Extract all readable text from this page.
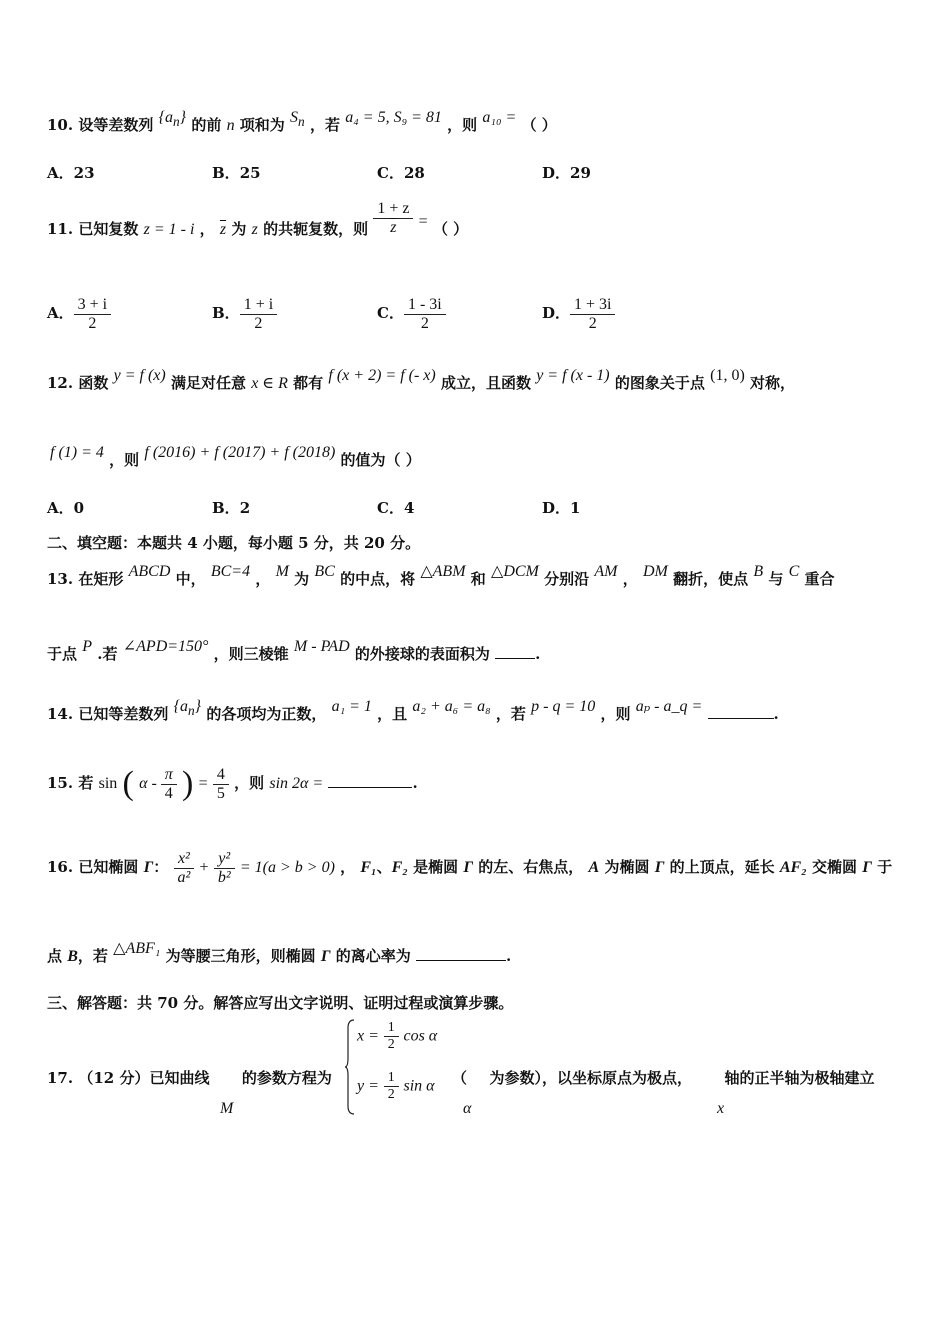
10. 设等差数列 $\{a_n\}$ 的前 n 项和为 $S_n$ ，若 a₄ = 5, S₉ = 81 ，则 a₁₀ = （ ）
A．23	B．25	C．28	D．29
11. 已知复数 z = 1 - i ， $\overline{z}$ 为 z 的共轭复数，则 $\frac{1 + z}{z}$ = （ ）
A． $\frac{3 + i}{2}$	B． $\frac{1 + i}{2}$	C． $\frac{1 - 3i}{2}$	D． $\frac{1 + 3i}{2}$
12. 函数 y = f (x) 满足对任意 x ∈ R 都有 f (x + 2) = f (- x) 成立，且函数 y = f (x - 1) 的图象关于点 (1, 0) 对称，
f (1) = 4 ，则 f (2016) + f (2017) + f (2018) 的值为（ ）
A．0	B．2	C．4	D．1
二、填空题：本题共 4 小题，每小题 5 分，共 20 分。
13. 在矩形 ABCD 中， BC=4 ， M 为 BC 的中点，将 △ABM 和 △DCM 分别沿 AM ， DM 翻折，使点 B 与 C 重合
于点 P .若 ∠APD=150° ，则三棱锥 M - PAD 的外接球的表面积为	.
14. 已知等差数列 $\{a_n\}$ 的各项均为正数， a₁ = 1 ，且 a₂ + a₆ = a₈ ，若 p - q = 10 ，则 aₚ - a_q =	.
15. 若 sin ( α - $\frac{\pi}{4}$ ) = $\frac{4}{5}$ ，则 sin 2α =	.
16. 已知椭圆 Γ： $\frac{\text{x²}}{\text{a²}} + \frac{\text{y²}}{\text{b²}} = 1(a > b > 0)$ ， F₁、F₂ 是椭圆 Γ 的左、右焦点， A 为椭圆 Γ 的上顶点，延长 AF₂ 交椭圆 Γ 于
点 B，若 △ABF₁ 为等腰三角形，则椭圆 Γ 的离心率为	.
三、解答题：共 70 分。解答应写出文字说明、证明过程或演算步骤。
17. （12 分）已知曲线 的参数方程为
M
$x = \frac{1}{2}$ cos α
$y = \frac{1}{2}$ sin α （ 为参数），以坐标原点为极点， 轴的正半轴为极轴建立
α	x
